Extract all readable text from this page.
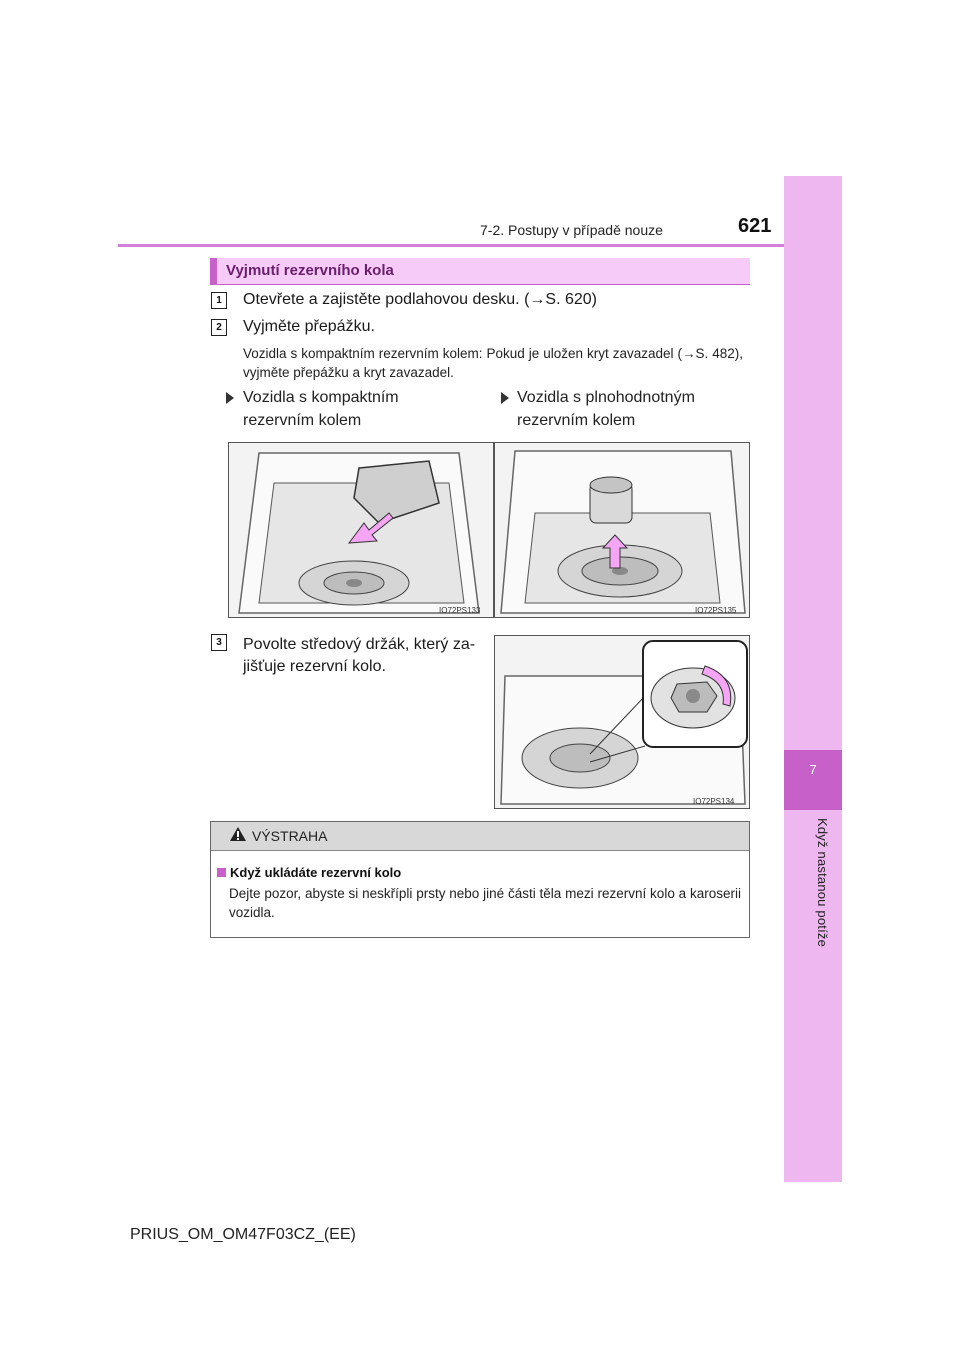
7
Když nastanou potíže
7-2. Postupy v případě nouze	621
Vyjmutí rezervního kola
1	Otevřete a zajistěte podlahovou desku. (→S. 620)
2	Vyjměte přepážku.
Vozidla s kompaktním rezervním kolem: Pokud je uložen kryt zavazadel (→S. 482), vyjměte přepážku a kryt zavazadel.
Vozidla s kompaktním
rezervním kolem
Vozidla s plnohodnotným
rezervním kolem
IO72PS133	IO72PS135
3	Povolte středový držák, který za-
jišťuje rezervní kolo.
IO72PS134
VÝSTRAHA
Když ukládáte rezervní kolo
Dejte pozor, abyste si neskřípli prsty nebo jiné části těla mezi rezervní kolo a karoserii vozidla.
PRIUS_OM_OM47F03CZ_(EE)
